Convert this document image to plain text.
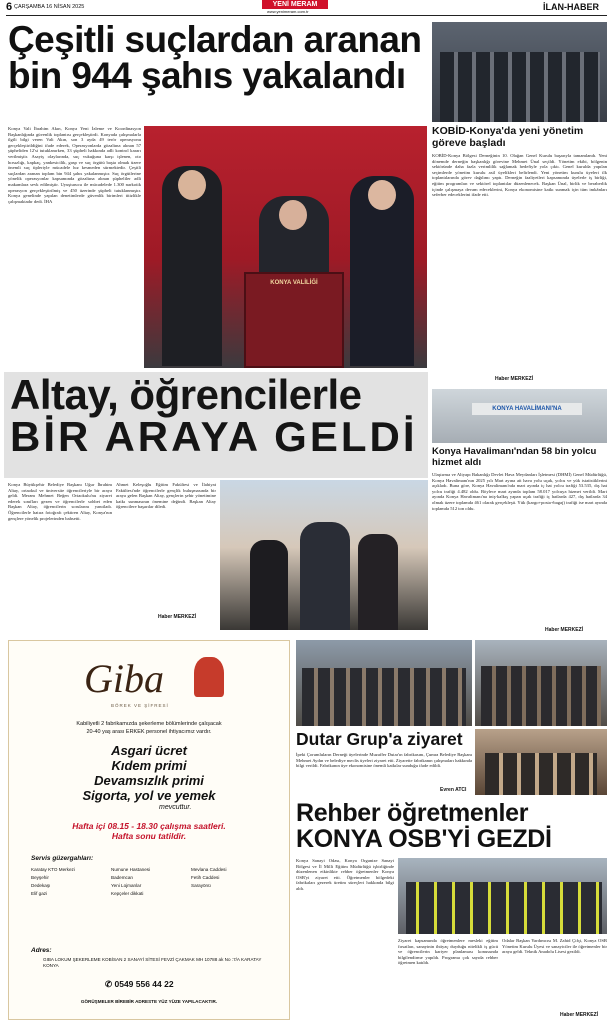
6 ÇARŞAMBA 16 NİSAN 2025	YENİ MERAM
www.yenimeram.com.tr	İLAN-HABER
Çeşitli suçlardan aranan
bin 944 şahıs yakalandı
Konya Vali İbrahim Akın, Konya Yeni İzleme ve Koordinasyon Başkanlığında güvenlik toplantısı gerçekleştirdi. Konyada çalışmalarla ilgili bilgi veren Vali Akın, son 3 ayda 49 terör operasyonu gerçekleştirildiğini ifade ederek, Operasyonlarda gözaltına alınan 57 şüpheliden 12'si tutuklanırken, 33 şüpheli hakkında adli kontrol kararı verilmiştir. Asayiş olaylarında, suç vukuğuna karşı işlenen, oto hırsızlığı, kapkaç, yankesicilik, gasp ve suç örgütü başta olmak üzere önemli suç tipleriyle mücadele hız kesmeden sürmektedir. Çeşitli suçlardan aranan toplam bin 944 şahıs yakalanmıştır. Suç örgütlerine yönelik operasyonlar kapsamında gözaltına alınan şüpheliler adli makamlara sevk edilmiştir. Uyuşturucu ile mücadelede 1.300 narkotik operasyon gerçekleştirilmiş ve 450 üzerinde şüpheli tutuklanmıştır. Konya genelinde yapılan denetimlerde güvenlik birimleri titizlikle çalışmaktadır dedi. İHA
KONYA VALİLİĞİ
KOBİD-Konya'da yeni yönetim göreve başladı
KOBİD-Konya Bölgesi Derneğinin 10. Olağan Genel Kurulu başarıyla tamamlandı. Yeni dönemde derneğin başkanlığı görevine Mehmet Ünal seçildi. Yönetim ekibi, bölgenin sektöründe daha fazla verimlilik sağlamak hedefiyle yola çıktı. Genel kurulda yapılan seçimlerde yönetim kurulu asil üyelikleri belirlendi. Yeni yönetim kurulu üyeleri ilk toplantılarında görev dağılımı yaptı. Derneğin faaliyetleri kapsamında üyelerle iş birliği, eğitim programları ve sektörel toplantılar düzenlenecek. Başkan Ünal, birlik ve beraberlik içinde çalışmaya devam edeceklerini, Konya ekonomisine katkı sunmak için tüm imkânları seferber edeceklerini ifade etti.
Haber MERKEZİ
Altay, öğrencilerle
BİR ARAYA GELDİ
Konya Büyükşehir Belediye Başkanı Uğur İbrahim Altay, ortaokul ve üniversite öğrencileriyle bir araya geldi. Meram Mehmet Beğen Ortaokulu'nu ziyaret ederek sınıfları gezen ve öğrencilerle sohbet eden Başkan Altay, öğrencilerin sorularını yanıtladı. Öğrencilerle hatıra fotoğrafı çektiren Altay, Konya'nın gençlere yönelik projelerinden bahsetti.
Ahmet Keleşoğlu Eğitim Fakültesi ve İlahiyat Fakültesi'nde öğrencilerle gençlik buluşmasında bir araya gelen Başkan Altay, gençlerin şehir yönetimine katkı sunmasının önemine değindi. Başkan Altay öğrencilere başarılar diledi.
Haber MERKEZİ
KONYA HAVALİMANI'NA
Konya Havalimanı'ndan 58 bin yolcu hizmet aldı
Ulaştırma ve Altyapı Bakanlığı Devlet Hava Meydanları İşletmesi (DHMİ) Genel Müdürlüğü, Konya Havalimanı'nın 2025 yılı Mart ayına ait hava yolu uçak, yolcu ve yük istatistiklerini açıkladı. Buna göre, Konya Havalimanı'nda mart ayında iç hat yolcu trafiği 53.535, dış hat yolcu trafiği 4.482 oldu. Böylece mart ayında toplam 58.017 yolcuya hizmet verildi. Mart ayında Konya Havalimanı'na iniş-kalkış yapan uçak trafiği iç hatlarda 427, dış hatlarda 34 olmak üzere toplamda 461 olarak gerçekleşti. Yük (kargo+posta+bagaj) trafiği ise mart ayında toplamda 512 ton oldu.
Haber MERKEZİ
Giba
BÖREK VE ŞİFRESİ
Kabiliyetli 2 fabrikamızda şekerleme bölümlerinde çalışacak
20-40 yaş arası ERKEK personel ihtiyacımız vardır.
Asgari ücret
Kıdem primi
Devamsızlık primi
Sigorta, yol ve yemek
mevcuttur.
Hafta içi 08.15 - 18.30 çalışma saatleri.
Hafta sonu tatildir.
Servis güzergahları:
Karatay KTO Merkezi	Numune Hastanesi	Mevlana Caddesi
Beyşehir	Bademcan	Fetih Caddesi
Dedekaşı	Yeni Lojmanlar	Sarayönü
Elif gazi	Kepçeler dikkati
Adres:
GIBA LOKUM ŞEKERLEME KOBİSAN 2 SANAYİ SİTESİ FEVZİ ÇAKMAK MH 10788 ak No :7/A KARATAY KONYA
✆ 0549 556 44 22
GÖRÜŞMELER BİREBİR ADRESTE YÜZ YÜZE YAPILACAKTIR.
Dutar Grup'a ziyaret
İpeki Çorumluların Derneği üyelerinde Muzaffer Dutar'ın fabrikasını, Çumra Belediye Başkanı Mehmet Aydın ve belediye meclis üyeleri ziyaret etti. Ziyarette fabrikanın çalışmaları hakkında bilgi verildi. Fabrikanın üye ekonomisine önemli katkılar sunduğu ifade edildi.
Evren ATCI
Rehber öğretmenler
KONYA OSB'Yİ GEZDİ
Konya Sanayi Odası, Konya Organize Sanayi Bölgesi ve İl Milli Eğitim Müdürlüğü işbirliğinde düzenlenen etkinlikte rehber öğretmenler Konya OSB'yi ziyaret etti. Öğretmenler bölgedeki fabrikaları gezerek üretim süreçleri hakkında bilgi aldı.
Ziyaret kapsamında öğretmenlere mesleki eğitim fırsatları, sanayinin ihtiyaç duyduğu nitelikli iş gücü ve öğrencilerin kariyer planlaması konusunda bilgilendirme yapıldı. Programa çok sayıda rehber öğretmen katıldı.
Odalar Başkan Yardımcısı M. Zahid Çifçi, Konya OSB Yönetim Kurulu Üyesi ve sanayiciler ile öğretmenler bir araya geldi. Teknik Anadolu Lisesi gezildi.
Haber MERKEZİ
